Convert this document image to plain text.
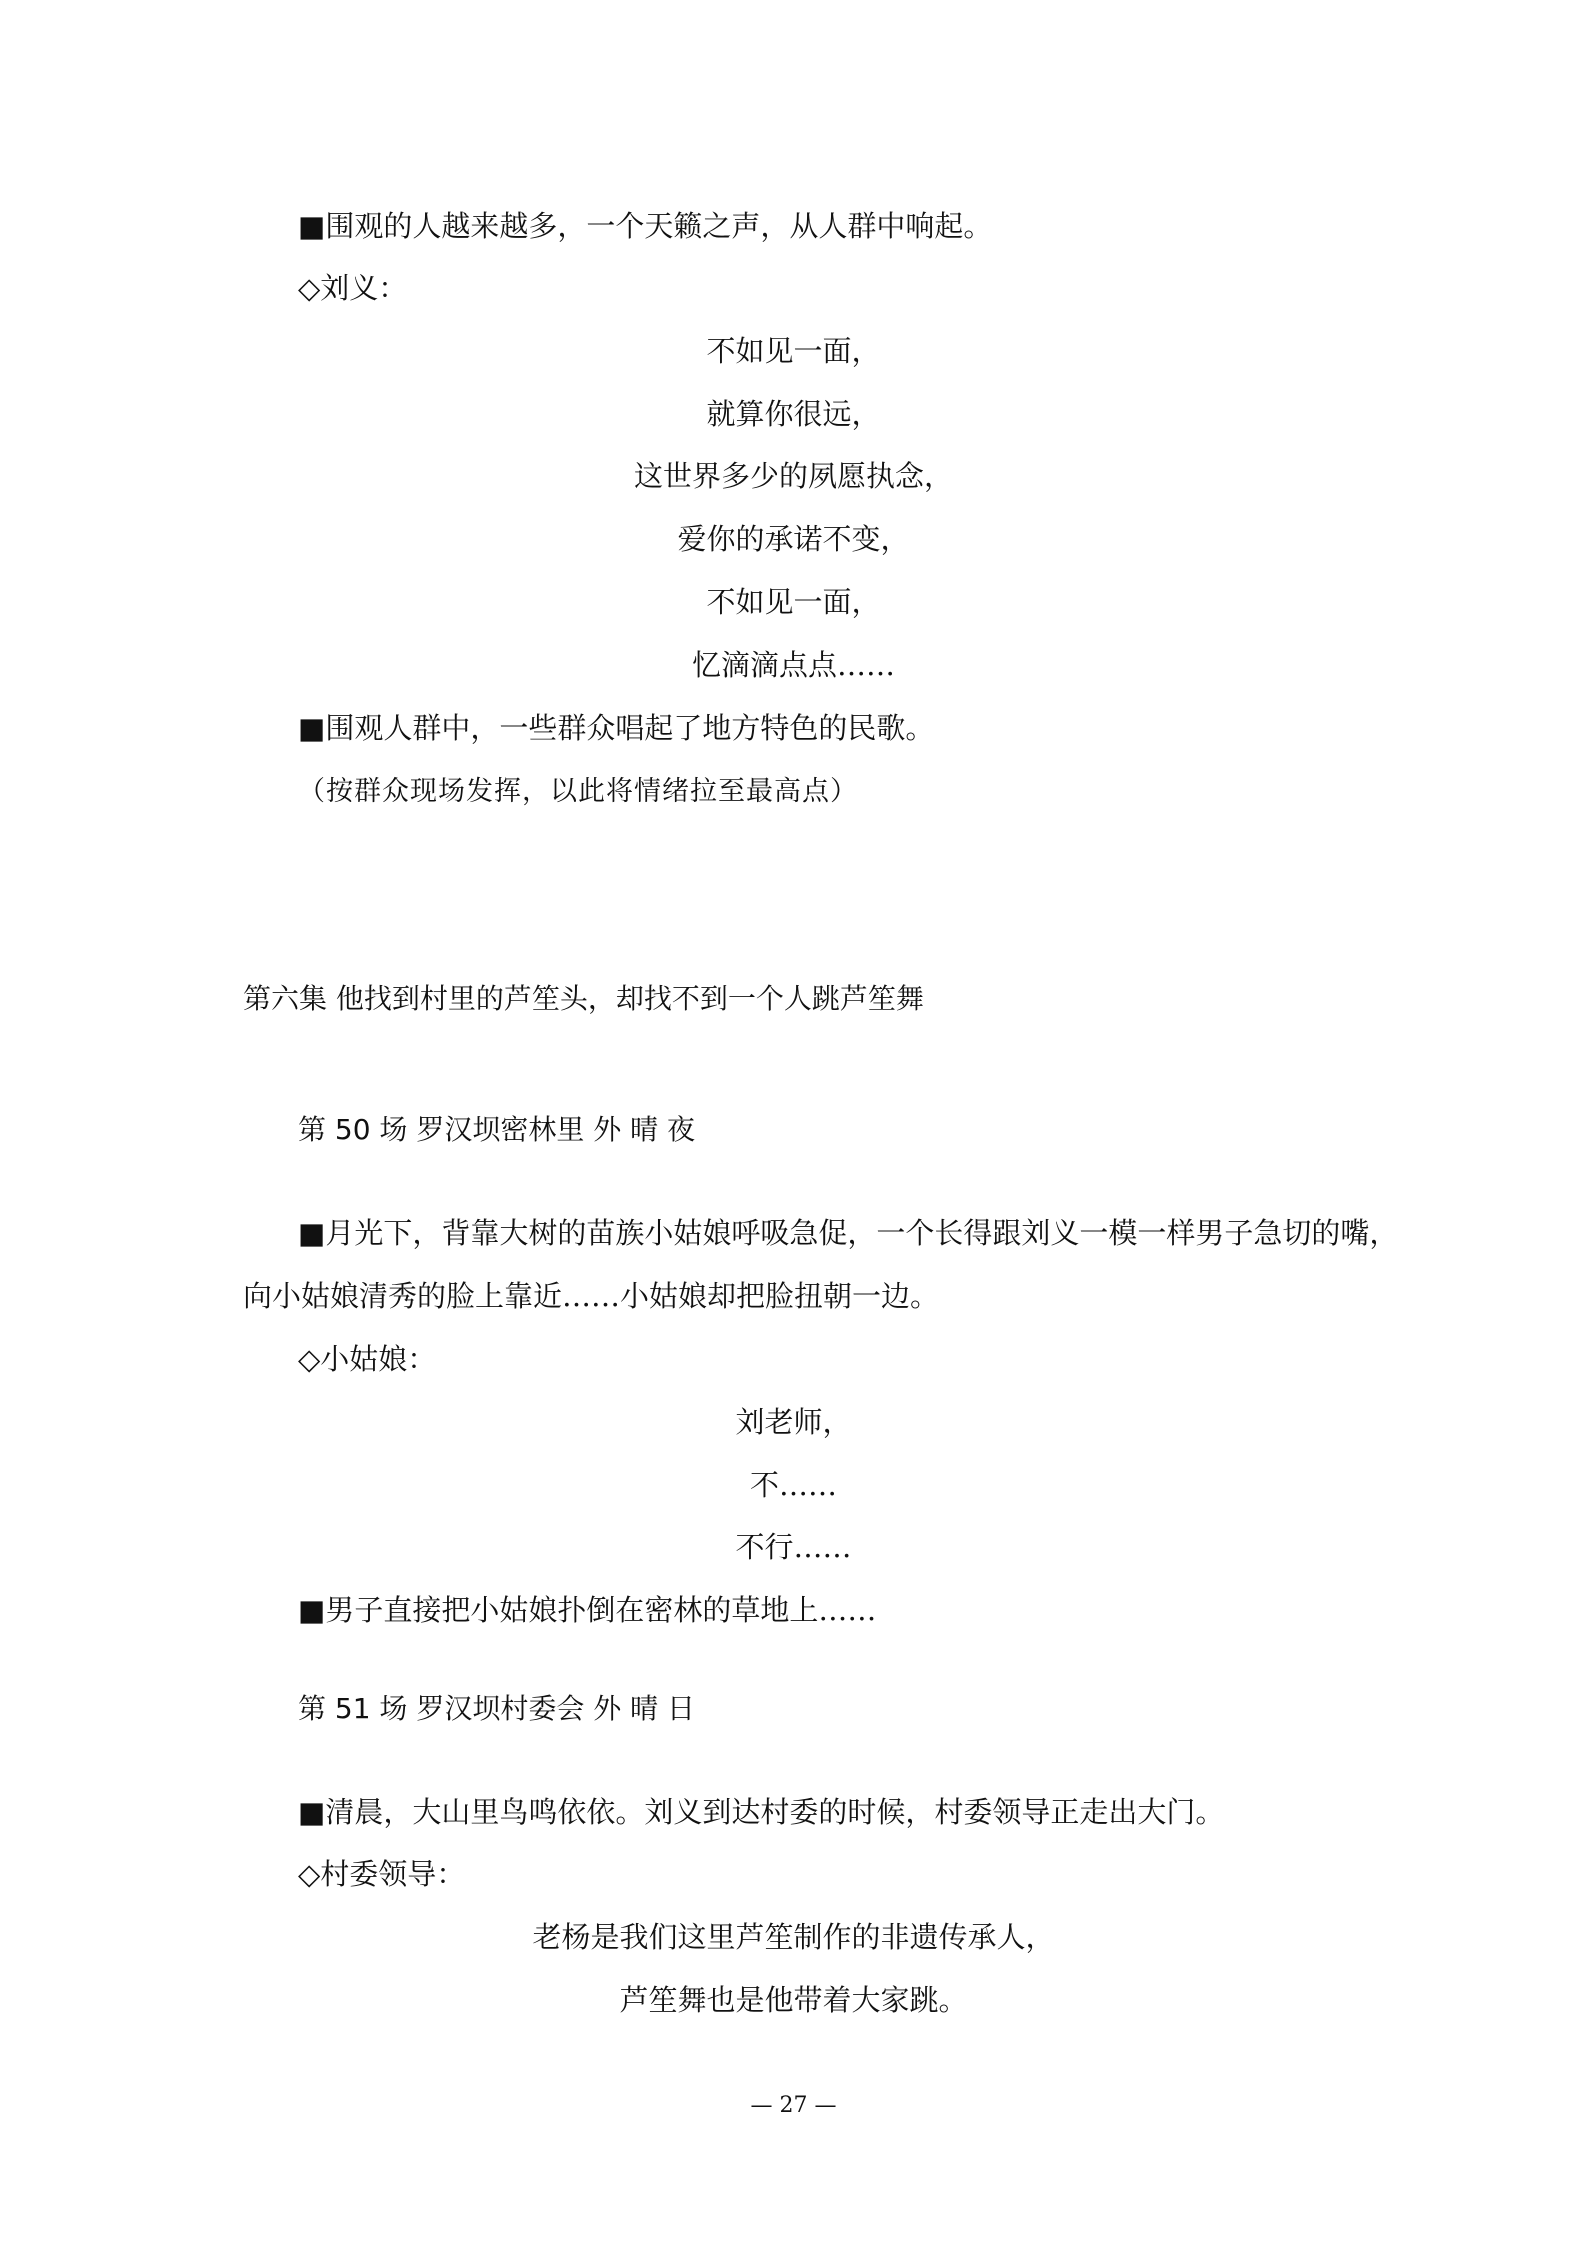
■围观的人越来越多，一个天籁之声，从人群中响起。
◇刘义：
不如见一面，
就算你很远，
这世界多少的夙愿执念，
爱你的承诺不变，
不如见一面，
忆滴滴点点……
■围观人群中，一些群众唱起了地方特色的民歌。
（按群众现场发挥，以此将情绪拉至最高点）
第六集 他找到村里的芦笙头，却找不到一个人跳芦笙舞
第 50 场 罗汉坝密林里 外 晴 夜
■月光下，背靠大树的苗族小姑娘呼吸急促，一个长得跟刘义一模一样男子急切的嘴，
向小姑娘清秀的脸上靠近……小姑娘却把脸扭朝一边。
◇小姑娘：
刘老师，
不……
不行……
■男子直接把小姑娘扑倒在密林的草地上……
第 51 场 罗汉坝村委会 外 晴 日
■清晨，大山里鸟鸣依依。刘义到达村委的时候，村委领导正走出大门。
◇村委领导：
老杨是我们这里芦笙制作的非遗传承人，
芦笙舞也是他带着大家跳。
— 27 —
